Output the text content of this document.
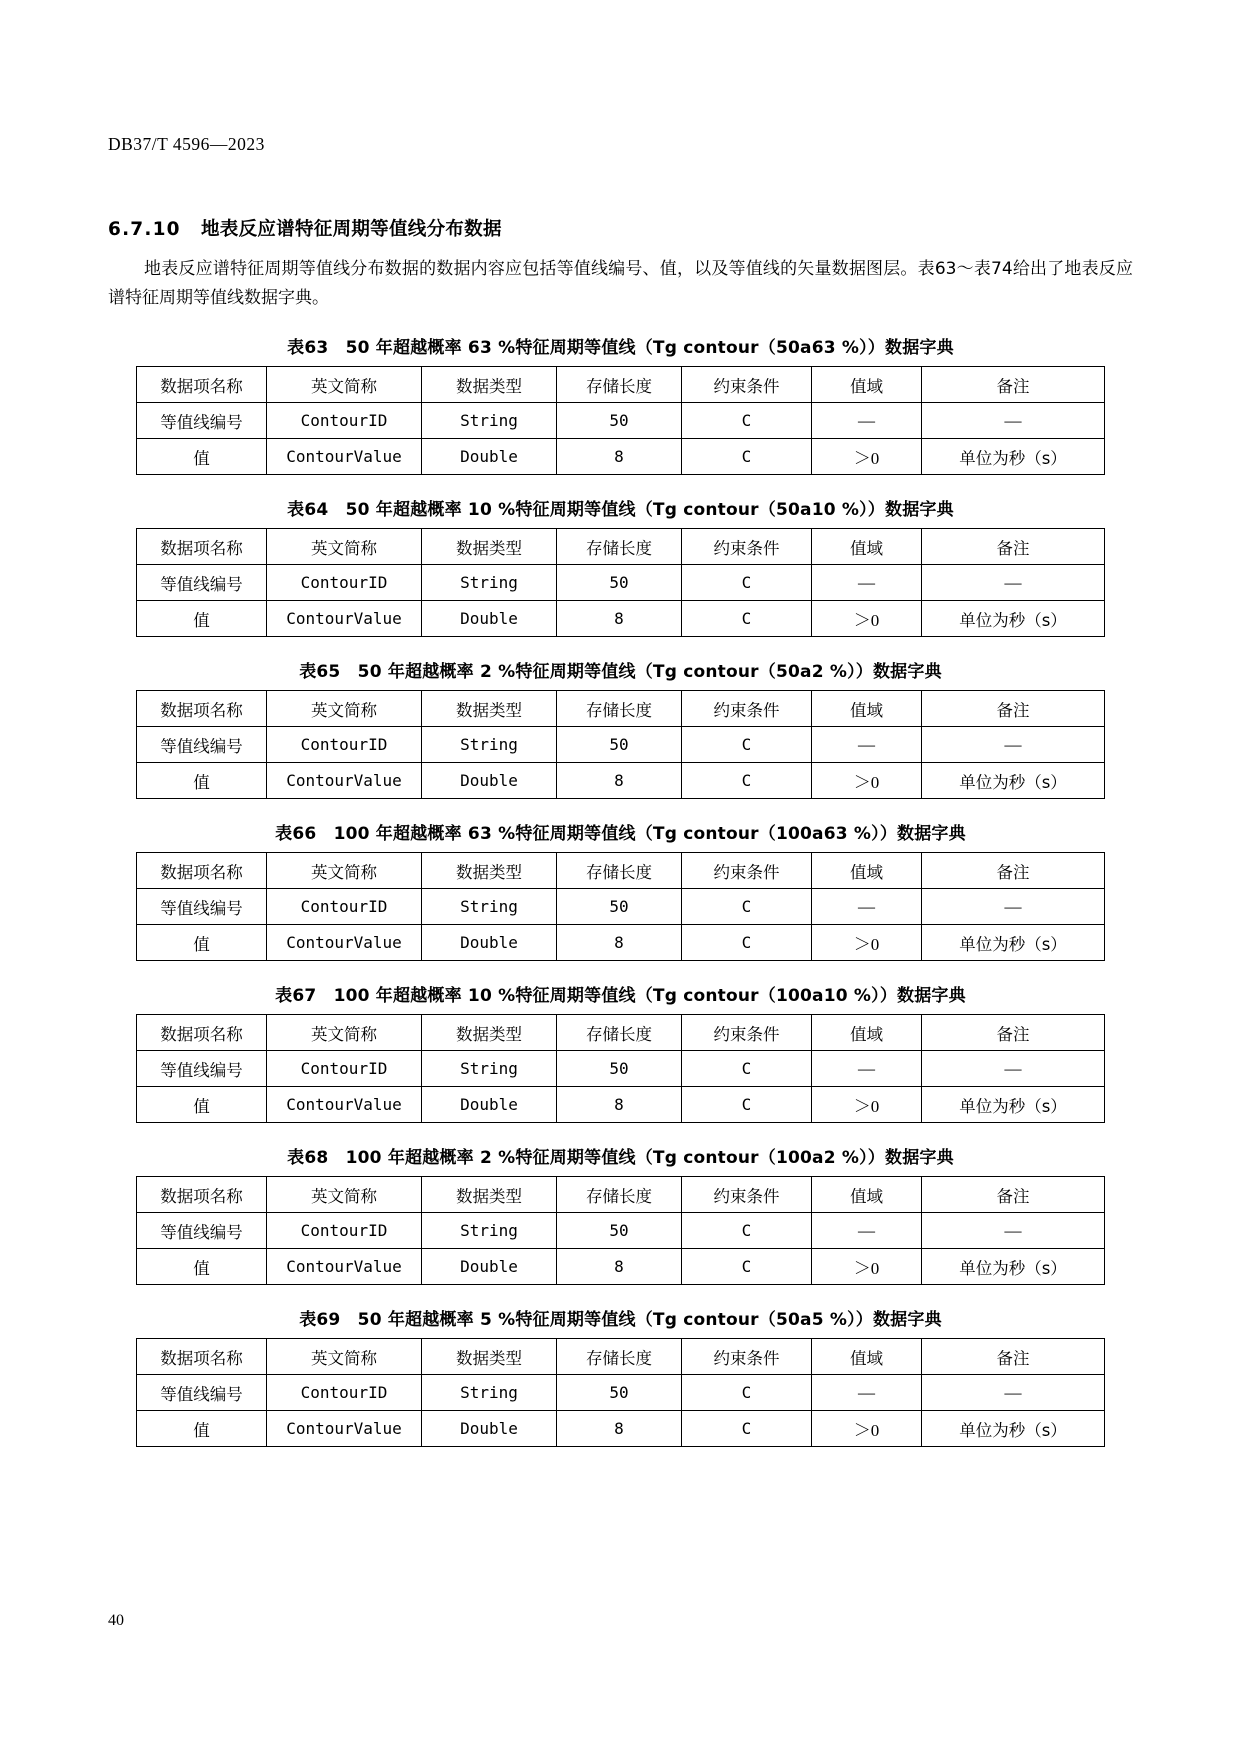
DB37/T 4596—2023
6.7.10 地表反应谱特征周期等值线分布数据

地表反应谱特征周期等值线分布数据的数据内容应包括等值线编号、值，以及等值线的矢量数据图层。表63～表74给出了地表反应谱特征周期等值线数据字典。

表63　50 年超越概率 63 %特征周期等值线（Tg contour（50a63 %））数据字典
数据项名称	英文简称	数据类型	存储长度	约束条件	值域	备注
等值线编号	ContourID	String	50	C	—	—
值	ContourValue	Double	8	C	＞0	单位为秒（s）
表64　50 年超越概率 10 %特征周期等值线（Tg contour（50a10 %））数据字典
数据项名称	英文简称	数据类型	存储长度	约束条件	值域	备注
等值线编号	ContourID	String	50	C	—	—
值	ContourValue	Double	8	C	＞0	单位为秒（s）
表65　50 年超越概率 2 %特征周期等值线（Tg contour（50a2 %））数据字典
数据项名称	英文简称	数据类型	存储长度	约束条件	值域	备注
等值线编号	ContourID	String	50	C	—	—
值	ContourValue	Double	8	C	＞0	单位为秒（s）
表66　100 年超越概率 63 %特征周期等值线（Tg contour（100a63 %））数据字典
数据项名称	英文简称	数据类型	存储长度	约束条件	值域	备注
等值线编号	ContourID	String	50	C	—	—
值	ContourValue	Double	8	C	＞0	单位为秒（s）
表67　100 年超越概率 10 %特征周期等值线（Tg contour（100a10 %））数据字典
数据项名称	英文简称	数据类型	存储长度	约束条件	值域	备注
等值线编号	ContourID	String	50	C	—	—
值	ContourValue	Double	8	C	＞0	单位为秒（s）
表68　100 年超越概率 2 %特征周期等值线（Tg contour（100a2 %））数据字典
数据项名称	英文简称	数据类型	存储长度	约束条件	值域	备注
等值线编号	ContourID	String	50	C	—	—
值	ContourValue	Double	8	C	＞0	单位为秒（s）
表69　50 年超越概率 5 %特征周期等值线（Tg contour（50a5 %））数据字典
数据项名称	英文简称	数据类型	存储长度	约束条件	值域	备注
等值线编号	ContourID	String	50	C	—	—
值	ContourValue	Double	8	C	＞0	单位为秒（s）
40
